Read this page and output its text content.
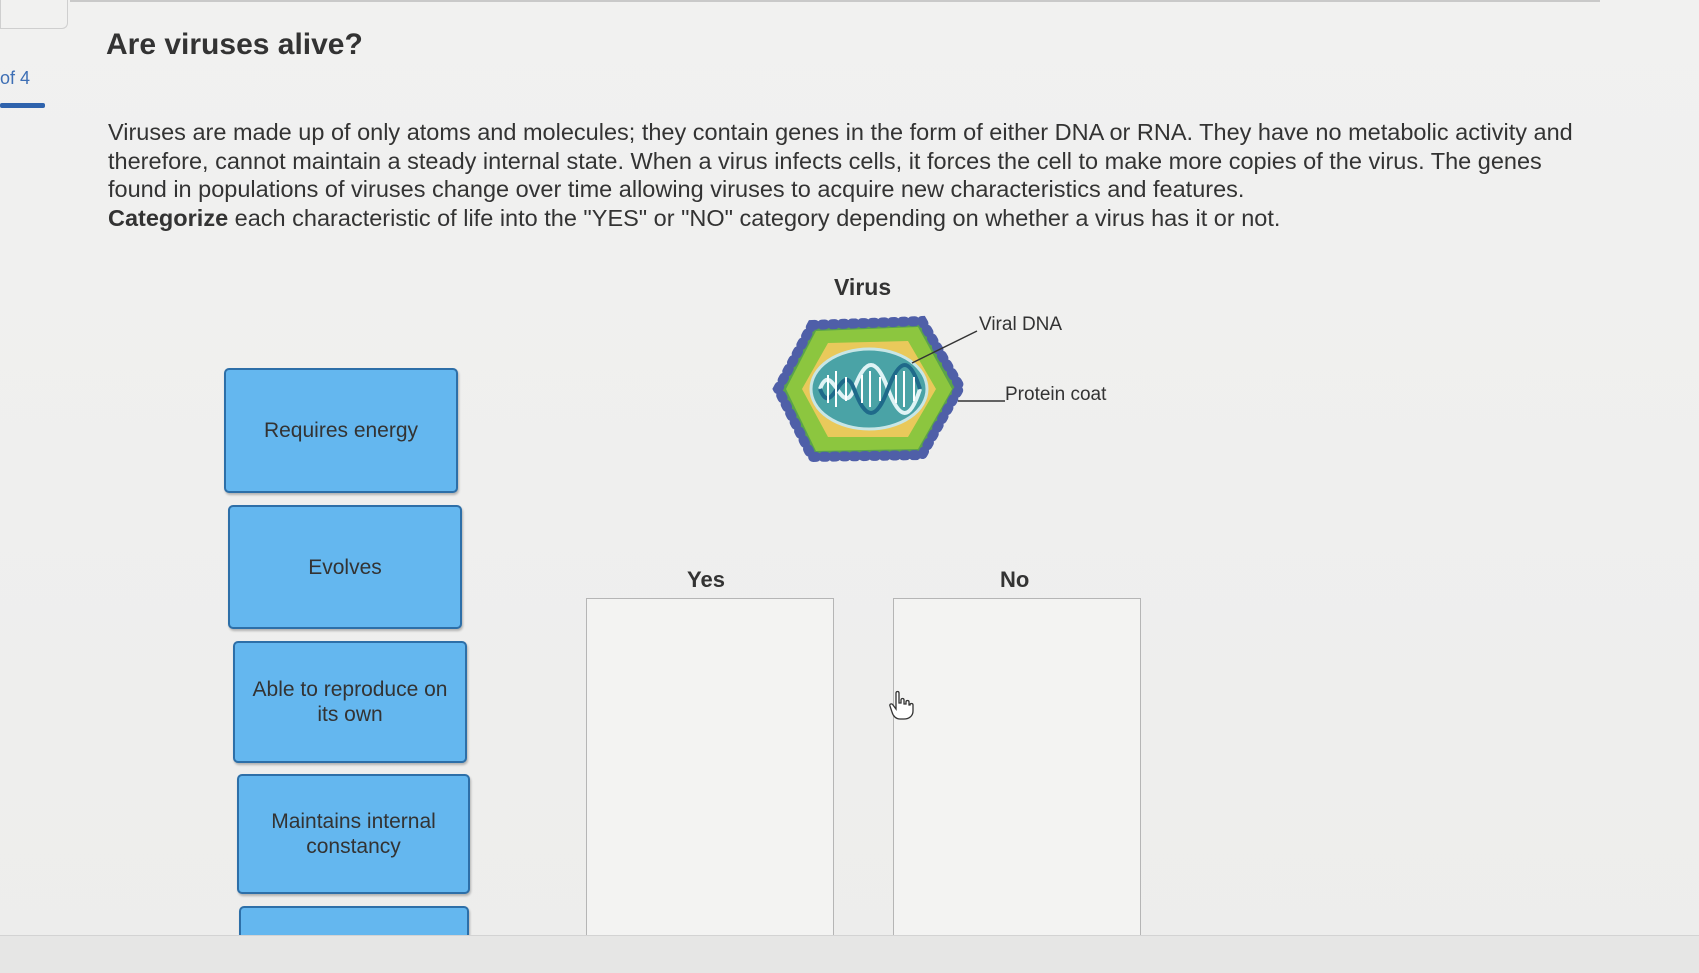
of 4
Are viruses alive?
Viruses are made up of only atoms and molecules; they contain genes in the form of either DNA or RNA. They have no metabolic activity and therefore, cannot maintain a steady internal state. When a virus infects cells, it forces the cell to make more copies of the virus. The genes found in populations of viruses change over time allowing viruses to acquire new characteristics and features.
Categorize each characteristic of life into the "YES" or "NO" category depending on whether a virus has it or not.
Requires energy
Evolves
Able to reproduce on its own
Maintains internal constancy
Virus
Viral DNA
Protein coat
Yes	No
